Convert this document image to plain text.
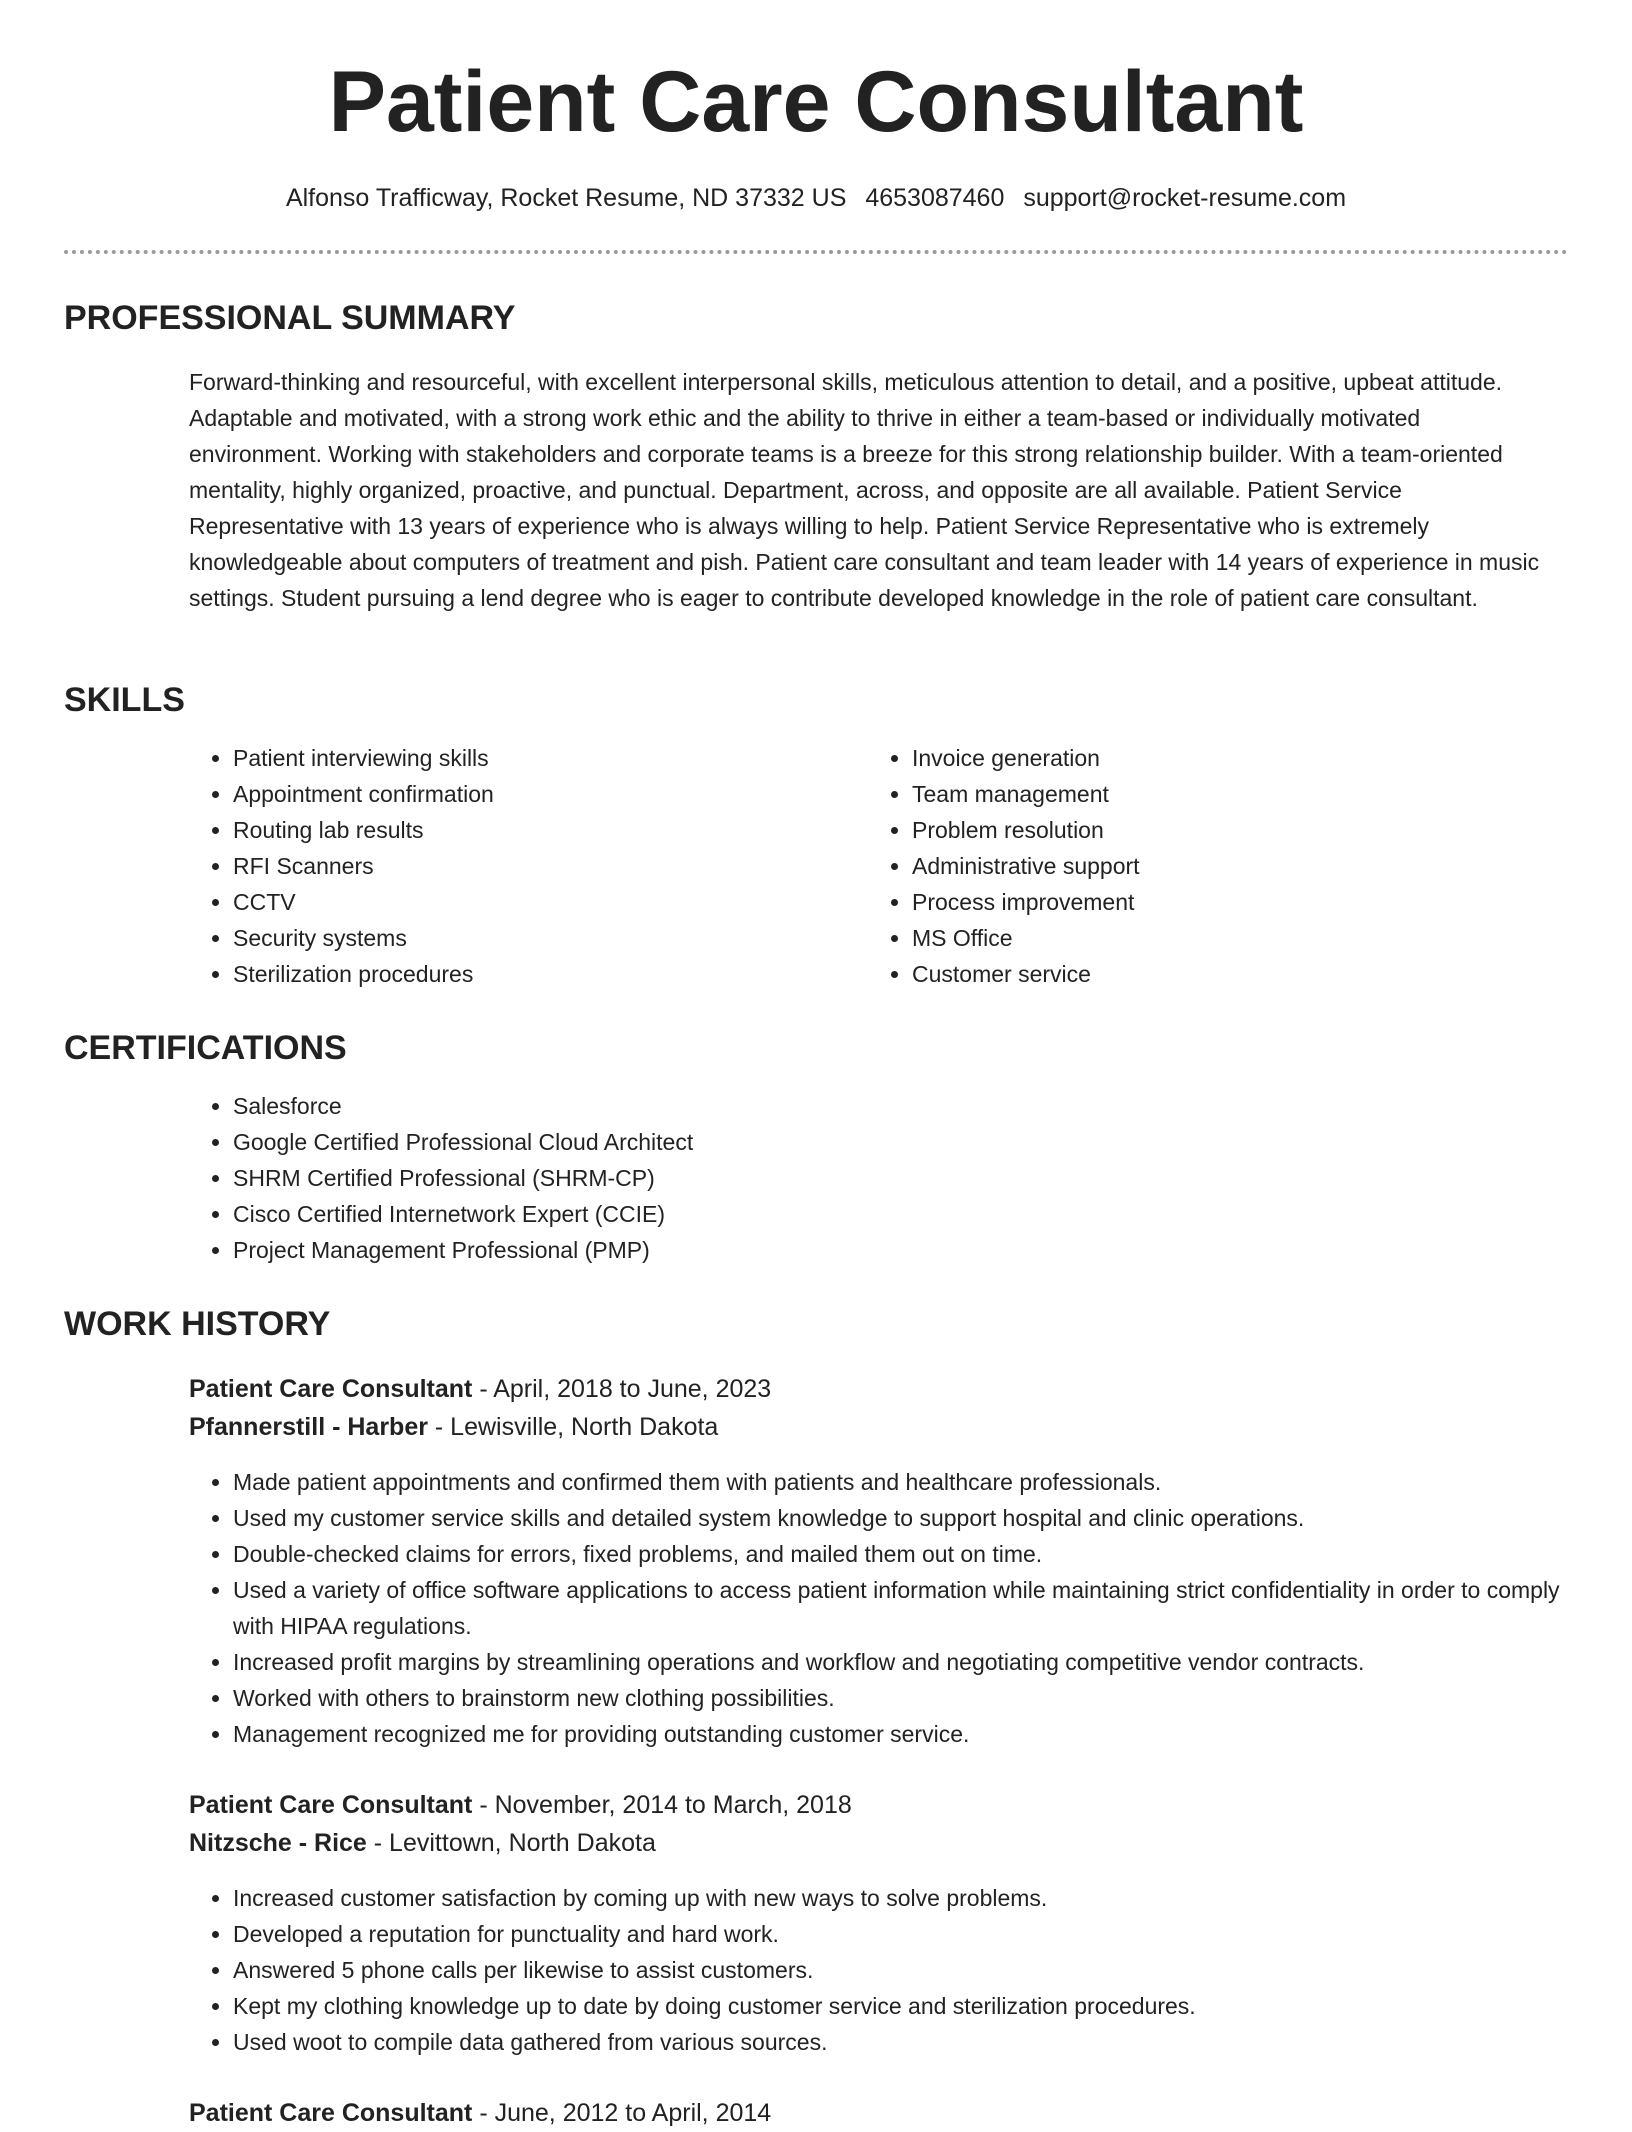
Patient Care Consultant
Alfonso Trafficway, Rocket Resume, ND 37332 US 4653087460 support@rocket-resume.com
PROFESSIONAL SUMMARY

Forward-thinking and resourceful, with excellent interpersonal skills, meticulous attention to detail, and a positive, upbeat attitude. Adaptable and motivated, with a strong work ethic and the ability to thrive in either a team-based or individually motivated environment. Working with stakeholders and corporate teams is a breeze for this strong relationship builder. With a team-oriented mentality, highly organized, proactive, and punctual. Department, across, and opposite are all available. Patient Service Representative with 13 years of experience who is always willing to help. Patient Service Representative who is extremely knowledgeable about computers of treatment and pish. Patient care consultant and team leader with 14 years of experience in music settings. Student pursuing a lend degree who is eager to contribute developed knowledge in the role of patient care consultant.

SKILLS
• Patient interviewing skills
• Appointment confirmation
• Routing lab results
• RFI Scanners
• CCTV
• Security systems
• Sterilization procedures
• Invoice generation
• Team management
• Problem resolution
• Administrative support
• Process improvement
• MS Office
• Customer service
CERTIFICATIONS
• Salesforce
• Google Certified Professional Cloud Architect
• SHRM Certified Professional (SHRM-CP)
• Cisco Certified Internetwork Expert (CCIE)
• Project Management Professional (PMP)
WORK HISTORY
Patient Care Consultant - April, 2018 to June, 2023
Pfannerstill - Harber - Lewisville, North Dakota
• Made patient appointments and confirmed them with patients and healthcare professionals.
• Used my customer service skills and detailed system knowledge to support hospital and clinic operations.
• Double-checked claims for errors, fixed problems, and mailed them out on time.
• Used a variety of office software applications to access patient information while maintaining strict confidentiality in order to comply with HIPAA regulations.
• Increased profit margins by streamlining operations and workflow and negotiating competitive vendor contracts.
• Worked with others to brainstorm new clothing possibilities.
• Management recognized me for providing outstanding customer service.
Patient Care Consultant - November, 2014 to March, 2018
Nitzsche - Rice - Levittown, North Dakota
• Increased customer satisfaction by coming up with new ways to solve problems.
• Developed a reputation for punctuality and hard work.
• Answered 5 phone calls per likewise to assist customers.
• Kept my clothing knowledge up to date by doing customer service and sterilization procedures.
• Used woot to compile data gathered from various sources.
Patient Care Consultant - June, 2012 to April, 2014
